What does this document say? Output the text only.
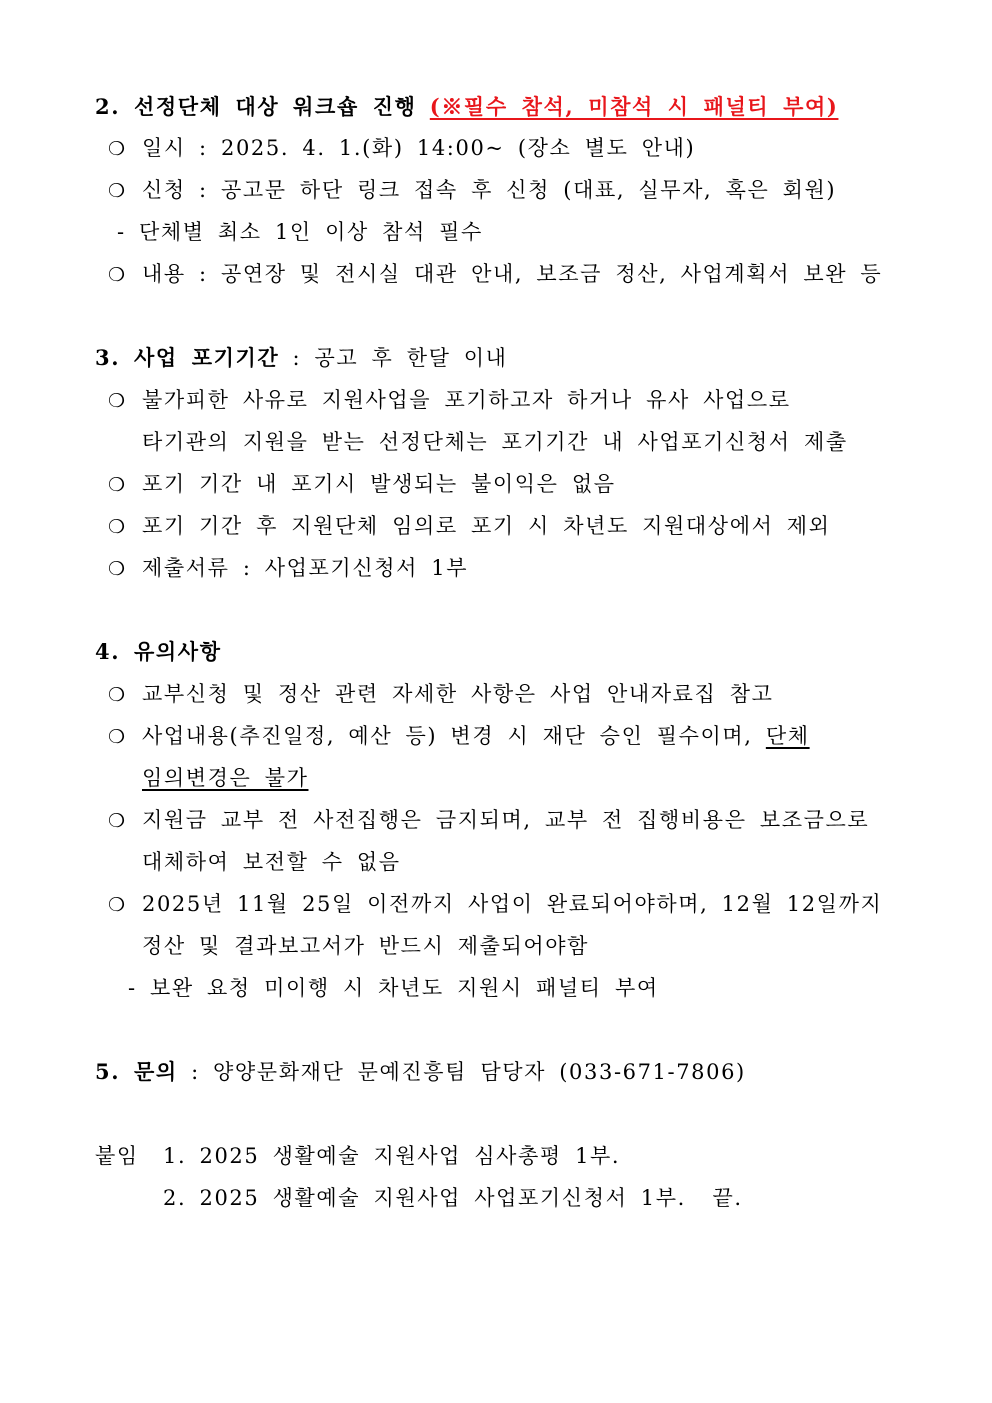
2. 선정단체 대상 워크숍 진행 (※필수 참석, 미참석 시 패널티 부여)
❍ 일시 : 2025. 4. 1.(화) 14:00~ (장소 별도 안내)
❍ 신청 : 공고문 하단 링크 접속 후 신청 (대표, 실무자, 혹은 회원)
- 단체별 최소 1인 이상 참석 필수
❍ 내용 : 공연장 및 전시실 대관 안내, 보조금 정산, 사업계획서 보완 등
3. 사업 포기기간 : 공고 후 한달 이내
❍ 불가피한 사유로 지원사업을 포기하고자 하거나 유사 사업으로
타기관의 지원을 받는 선정단체는 포기기간 내 사업포기신청서 제출
❍ 포기 기간 내 포기시 발생되는 불이익은 없음
❍ 포기 기간 후 지원단체 임의로 포기 시 차년도 지원대상에서 제외
❍ 제출서류 : 사업포기신청서 1부
4. 유의사항
❍ 교부신청 및 정산 관련 자세한 사항은 사업 안내자료집 참고
❍ 사업내용(추진일정, 예산 등) 변경 시 재단 승인 필수이며, 단체
임의변경은 불가
❍ 지원금 교부 전 사전집행은 금지되며, 교부 전 집행비용은 보조금으로
대체하여 보전할 수 없음
❍ 2025년 11월 25일 이전까지 사업이 완료되어야하며, 12월 12일까지
정산 및 결과보고서가 반드시 제출되어야함
- 보완 요청 미이행 시 차년도 지원시 패널티 부여
5. 문의 : 양양문화재단 문예진흥팀 담당자 (033-671-7806)
붙임 1. 2025 생활예술 지원사업 심사총평 1부.
2. 2025 생활예술 지원사업 사업포기신청서 1부. 끝.
